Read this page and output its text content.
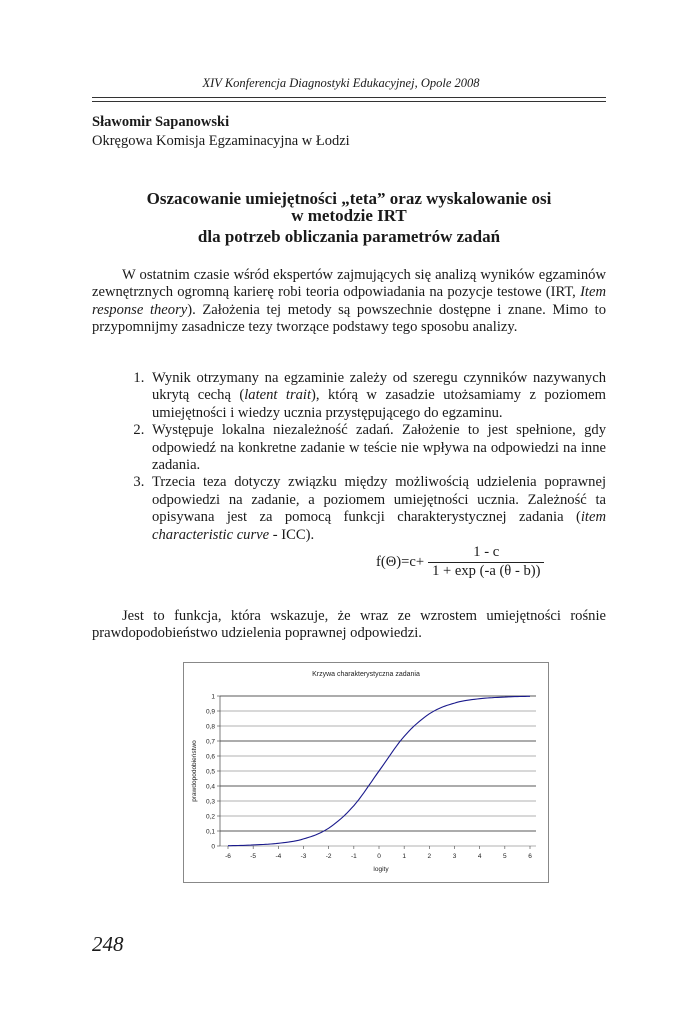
XIV Konferencja Diagnostyki Edukacyjnej, Opole 2008
Sławomir Sapanowski
Okręgowa Komisja Egzaminacyjna w Łodzi
Oszacowanie umiejętności „teta” oraz wyskalowanie osi
w metodzie IRT
dla potrzeb obliczania parametrów zadań
W ostatnim czasie wśród ekspertów zajmujących się analizą wyników egzaminów zewnętrznych ogromną karierę robi teoria odpowiadania na pozycje testowe (IRT, Item response theory). Założenia tej metody są powszechnie dostępne i znane. Mimo to przypomnijmy zasadnicze tezy tworzące podstawy tego sposobu analizy.
1. Wynik otrzymany na egzaminie zależy od szeregu czynników nazywanych ukrytą cechą (latent trait), którą w zasadzie utożsamiamy z poziomem umiejętności i wiedzy ucznia przystępującego do egzaminu.
2. Występuje lokalna niezależność zadań. Założenie to jest spełnione, gdy odpowiedź na konkretne zadanie w teście nie wpływa na odpowiedzi na inne zadania.
3. Trzecia teza dotyczy związku między możliwością udzielenia poprawnej odpowiedzi na zadanie, a poziomem umiejętności ucznia. Zależność ta opisywana jest za pomocą funkcji charakterystycznej zadania (item characteristic curve - ICC).
$f(\Theta)=c+ \frac{1 - c}{1 + \exp (-a (\theta - b))}$
Jest to funkcja, która wskazuje, że wraz ze wzrostem umiejętności rośnie prawdopodobieństwo udzielenia poprawnej odpowiedzi.
Krzywa charakterystyczna zadania
0
0,1
0,2
0,3
0,4
0,5
0,6
0,7
0,8
0,9
1
-6	-5	-4	-3	-2	-1	0	1	2	3	4	5	6
logity
prawdopodobieństwo
248
